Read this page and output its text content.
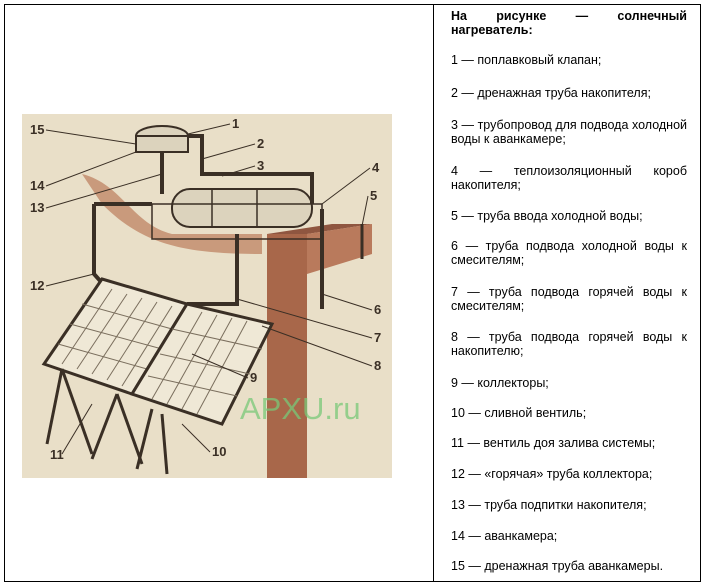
1
2
3	4
5
6
7
8
9
10
11
12
13
14
15
APXU.ru

На рисунке — солнечный нагреватель:

1 — поплавковый клапан;

2 — дренажная труба накопителя;

3 — трубопровод для подвода холодной воды к аванкамере;

4 — теплоизоляционный короб накопителя;

5 — труба ввода холодной воды;

6 — труба подвода холодной воды к смесителям;

7 — труба подвода горячей воды к смесителям;

8 — труба подвода горячей воды к накопителю;

9 — коллекторы;

10 — сливной вентиль;

11 — вентиль доя залива системы;

12 — «горячая» труба коллектора;

13 — труба подпитки накопителя;

14 — аванкамера;

15 — дренажная труба аванкамеры.
